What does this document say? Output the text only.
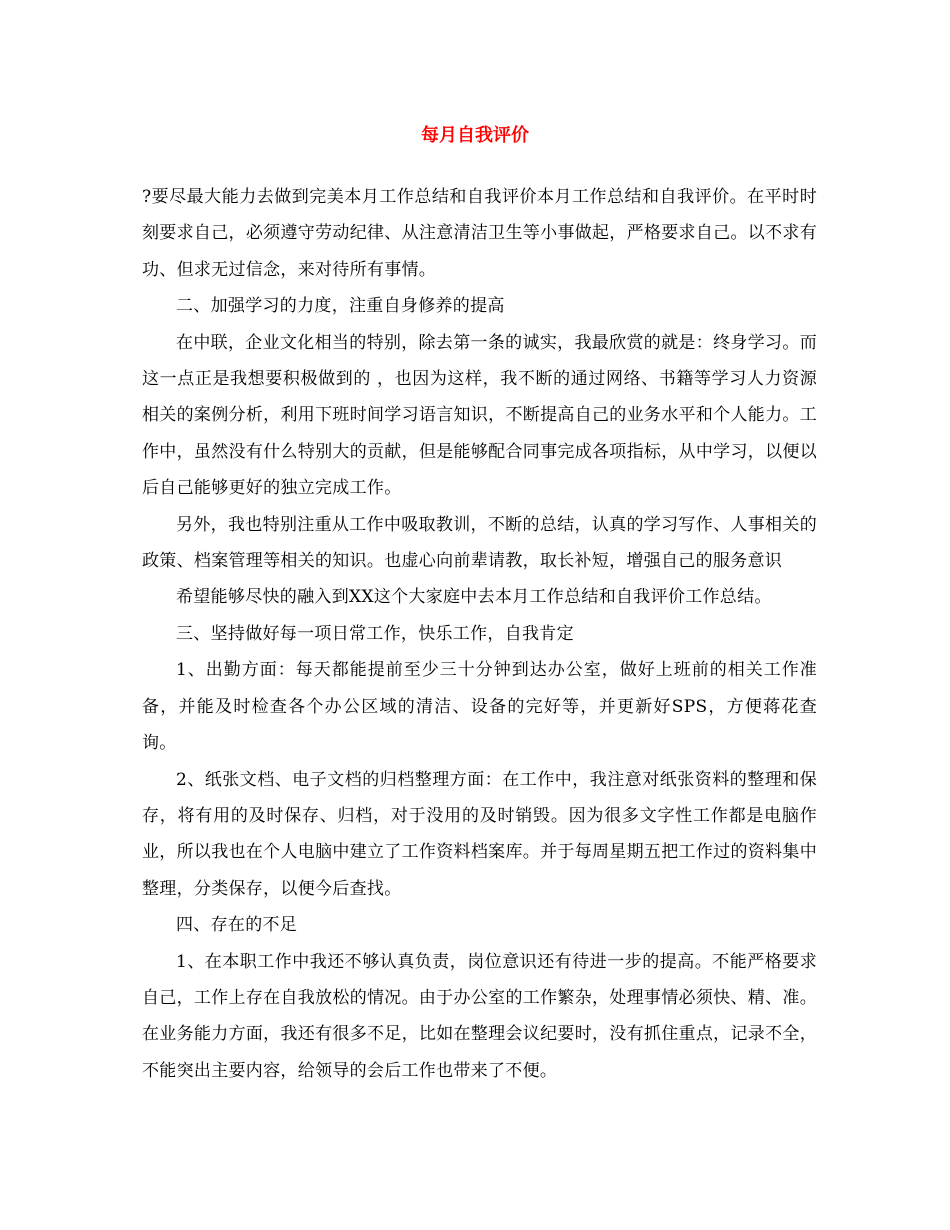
每月自我评价

?要尽最大能力去做到完美本月工作总结和自我评价本月工作总结和自我评价。在平时时刻要求自己，必须遵守劳动纪律、从注意清洁卫生等小事做起，严格要求自己。以不求有功、但求无过信念，来对待所有事情。

二、加强学习的力度，注重自身修养的提高

在中联，企业文化相当的特别，除去第一条的诚实，我最欣赏的就是：终身学习。而这一点正是我想要积极做到的 ，也因为这样，我不断的通过网络、书籍等学习人力资源相关的案例分析，利用下班时间学习语言知识，不断提高自己的业务水平和个人能力。工作中，虽然没有什么特别大的贡献，但是能够配合同事完成各项指标，从中学习，以便以后自己能够更好的独立完成工作。

另外，我也特别注重从工作中吸取教训，不断的总结，认真的学习写作、人事相关的政策、档案管理等相关的知识。也虚心向前辈请教，取长补短，增强自己的服务意识

希望能够尽快的融入到XX这个大家庭中去本月工作总结和自我评价工作总结。

三、坚持做好每一项日常工作，快乐工作，自我肯定

1、出勤方面：每天都能提前至少三十分钟到达办公室，做好上班前的相关工作准备，并能及时检查各个办公区域的清洁、设备的完好等，并更新好SPS，方便蒋花查询。

2、纸张文档、电子文档的归档整理方面：在工作中，我注意对纸张资料的整理和保存，将有用的及时保存、归档，对于没用的及时销毁。因为很多文字性工作都是电脑作业，所以我也在个人电脑中建立了工作资料档案库。并于每周星期五把工作过的资料集中整理，分类保存，以便今后查找。

四、存在的不足

1、在本职工作中我还不够认真负责，岗位意识还有待进一步的提高。不能严格要求自己，工作上存在自我放松的情况。由于办公室的工作繁杂，处理事情必须快、精、准。在业务能力方面，我还有很多不足，比如在整理会议纪要时，没有抓住重点，记录不全，不能突出主要内容，给领导的会后工作也带来了不便。
